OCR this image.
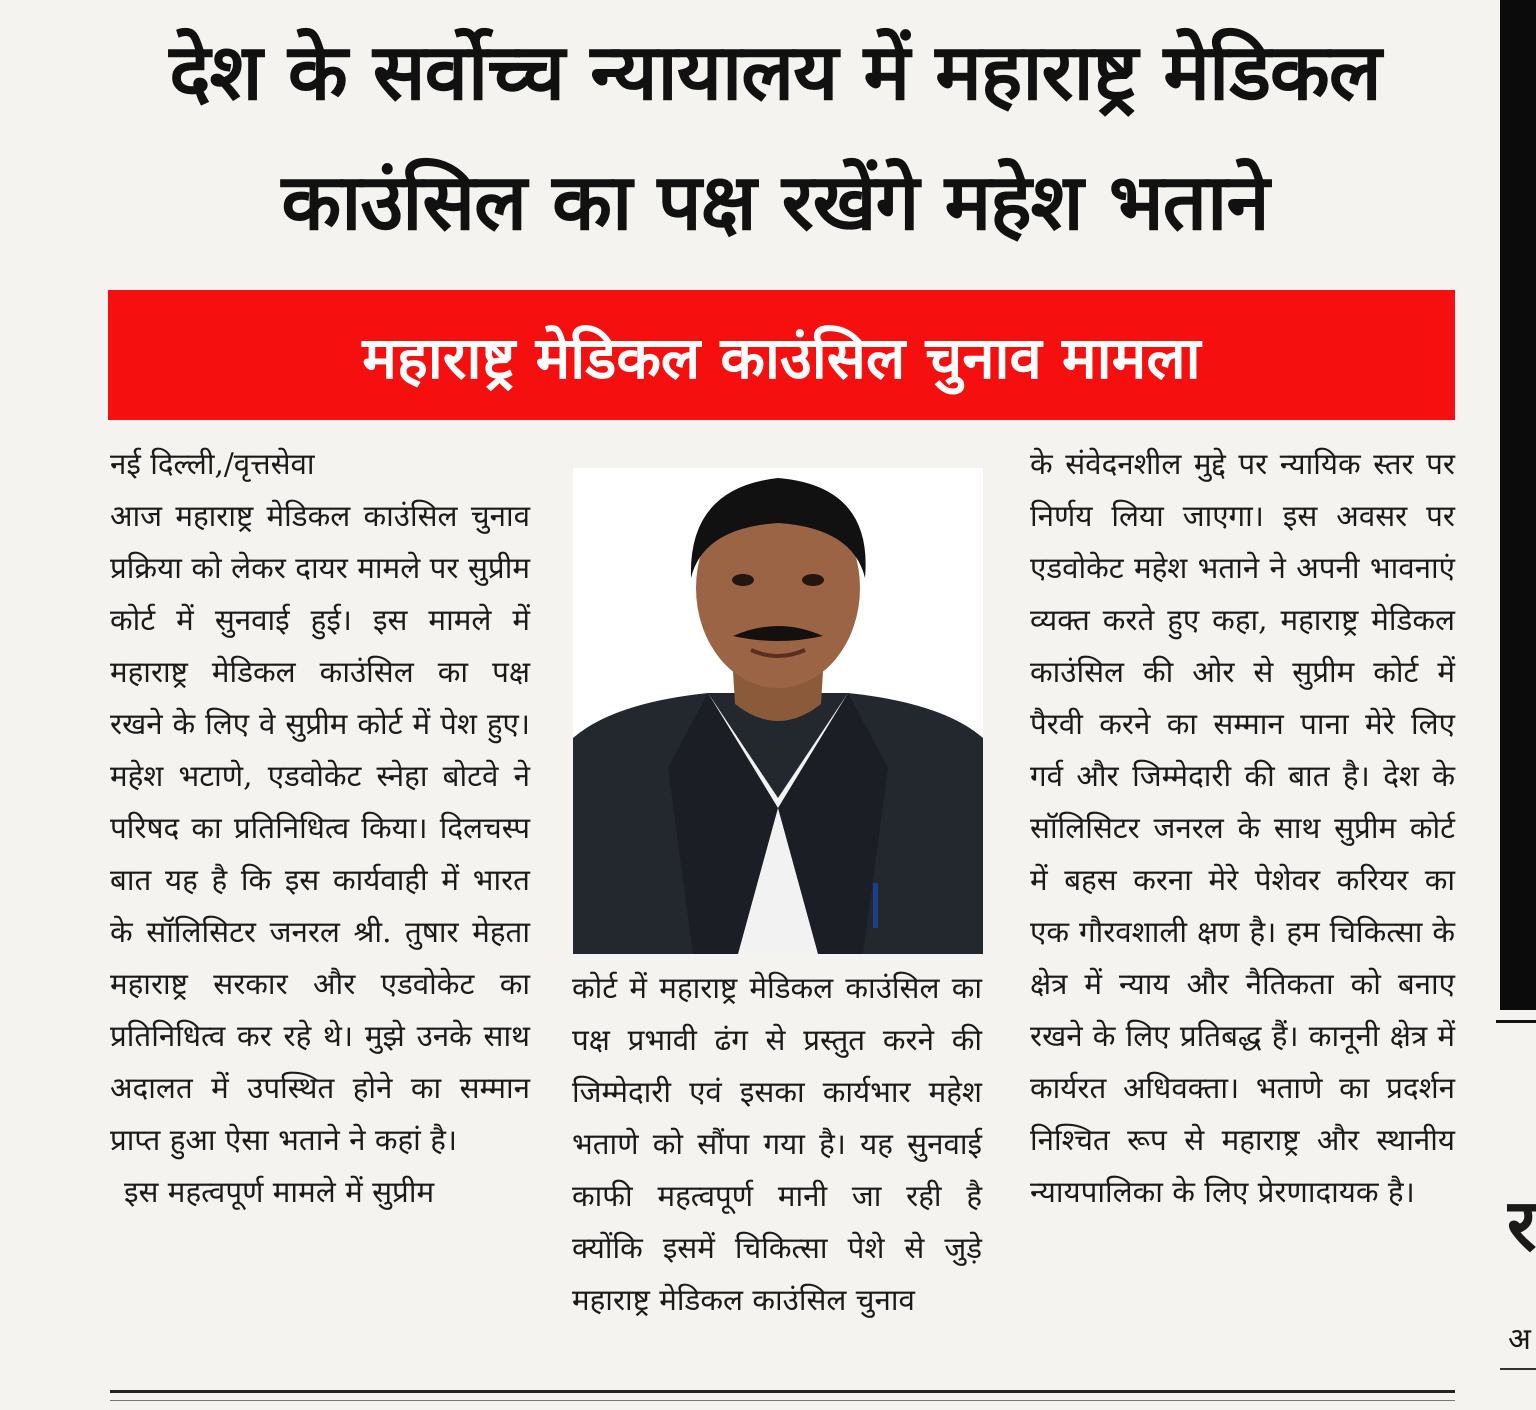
देश के सर्वोच्च न्यायालय में महाराष्ट्र मेडिकल
काउंसिल का पक्ष रखेंगे महेश भताने
महाराष्ट्र मेडिकल काउंसिल चुनाव मामला
नई दिल्ली,/वृत्तसेवा

आज महाराष्ट्र मेडिकल काउंसिल चुनाव प्रक्रिया को लेकर दायर मामले पर सुप्रीम कोर्ट में सुनवाई हुई। इस मामले में महाराष्ट्र मेडिकल काउंसिल का पक्ष रखने के लिए वे सुप्रीम कोर्ट में पेश हुए। महेश भटाणे, एडवोकेट स्नेहा बोटवे ने परिषद का प्रतिनिधित्व किया। दिलचस्प बात यह है कि इस कार्यवाही में भारत के सॉलिसिटर जनरल श्री. तुषार मेहता महाराष्ट्र सरकार और एडवोकेट का प्रतिनिधित्व कर रहे थे। मुझे उनके साथ अदालत में उपस्थित होने का सम्मान प्राप्त हुआ ऐसा भताने ने कहां है।

इस महत्वपूर्ण मामले में सुप्रीम

कोर्ट में महाराष्ट्र मेडिकल काउंसिल का पक्ष प्रभावी ढंग से प्रस्तुत करने की जिम्मेदारी एवं इसका कार्यभार महेश भताणे को सौंपा गया है। यह सुनवाई काफी महत्वपूर्ण मानी जा रही है क्योंकि इसमें चिकित्सा पेशे से जुड़े महाराष्ट्र मेडिकल काउंसिल चुनाव

के संवेदनशील मुद्दे पर न्यायिक स्तर पर निर्णय लिया जाएगा। इस अवसर पर एडवोकेट महेश भताने ने अपनी भावनाएं व्यक्त करते हुए कहा, महाराष्ट्र मेडिकल काउंसिल की ओर से सुप्रीम कोर्ट में पैरवी करने का सम्मान पाना मेरे लिए गर्व और जिम्मेदारी की बात है। देश के सॉलिसिटर जनरल के साथ सुप्रीम कोर्ट में बहस करना मेरे पेशेवर करियर का एक गौरवशाली क्षण है। हम चिकित्सा के क्षेत्र में न्याय और नैतिकता को बनाए रखने के लिए प्रतिबद्ध हैं। कानूनी क्षेत्र में कार्यरत अधिवक्ता। भताणे का प्रदर्शन निश्चित रूप से महाराष्ट्र और स्थानीय न्यायपालिका के लिए प्रेरणादायक है।	र
अ
